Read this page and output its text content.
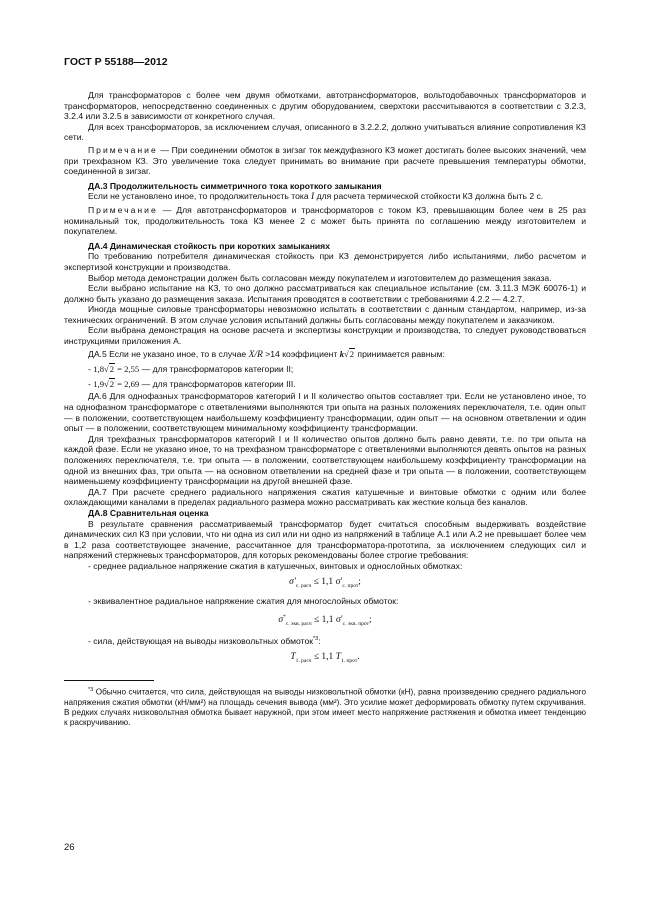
ГОСТ Р 55188—2012

Для трансформаторов с более чем двумя обмотками, автотрансформаторов, вольтодобавочных трансформаторов и трансформаторов, непосредственно соединенных с другим оборудованием, сверхтоки рассчитываются в соответствии с 3.2.3, 3.2.4 или 3.2.5 в зависимости от конкретного случая.

Для всех трансформаторов, за исключением случая, описанного в 3.2.2.2, должно учитываться влияние сопротивления КЗ сети.

Примечание — При соединении обмоток в зигзаг ток междуфазного КЗ может достигать более высоких значений, чем при трехфазном КЗ. Это увеличение тока следует принимать во внимание при расчете превышения температуры обмотки, соединенной в зигзаг.

ДА.3 Продолжительность симметричного тока короткого замыкания

Если не установлено иное, то продолжительность тока I для расчета термической стойкости КЗ должна быть 2 с.

Примечание — Для автотрансформаторов и трансформаторов с током КЗ, превышающим более чем в 25 раз номинальный ток, продолжительность тока КЗ менее 2 с может быть принята по соглашению между изготовителем и покупателем.

ДА.4 Динамическая стойкость при коротких замыканиях

По требованию потребителя динамическая стойкость при КЗ демонстрируется либо испытаниями, либо расчетом и экспертизой конструкции и производства.

Выбор метода демонстрации должен быть согласован между покупателем и изготовителем до размещения заказа.

Если выбрано испытание на КЗ, то оно должно рассматриваться как специальное испытание (см. 3.11.3 МЭК 60076-1) и должно быть указано до размещения заказа. Испытания проводятся в соответствии с требованиями 4.2.2 — 4.2.7.

Иногда мощные силовые трансформаторы невозможно испытать в соответствии с данным стандартом, например, из-за технических ограничений. В этом случае условия испытаний должны быть согласованы между покупателем и заказчиком.

Если выбрана демонстрация на основе расчета и экспертизы конструкции и производства, то следует руководствоваться инструкциями приложения А.

ДА.5 Если не указано иное, то в случае X/R >14 коэффициент k√2 принимается равным:

- 1,8√2 = 2,55 — для трансформаторов категории II;
- 1,9√2 = 2,69 — для трансформаторов категории III.

ДА.6 Для однофазных трансформаторов категорий I и II количество опытов составляет три. Если не установлено иное, то на однофазном трансформаторе с ответвлениями выполняются три опыта на разных положениях переключателя, т.е. один опыт — в положении, соответствующем наибольшему коэффициенту трансформации, один опыт — на основном ответвлении и один опыт — в положении, соответствующем минимальному коэффициенту трансформации.

Для трехфазных трансформаторов категорий I и II количество опытов должно быть равно девяти, т.е. по три опыта на каждой фазе. Если не указано иное, то на трехфазном трансформаторе с ответвлениями выполняются девять опытов на разных положениях переключателя, т.е. три опыта — в положении, соответствующем наибольшему коэффициенту трансформации на одной из внешних фаз, три опыта — на основном ответвлении на средней фазе и три опыта — в положении, соответствующем наименьшему коэффициенту трансформации на другой внешней фазе.

ДА.7 При расчете среднего радиального напряжения сжатия катушечные и винтовые обмотки с одним или более охлаждающими каналами в пределах радиального размера можно рассматривать как жесткие кольца без каналов.

ДА.8 Сравнительная оценка

В результате сравнения рассматриваемый трансформатор будет считаться способным выдерживать воздействие динамических сил КЗ при условии, что ни одна из сил или ни одно из напряжений в таблице А.1 или А.2 не превышает более чем в 1,2 раза соответствующее значение, рассчитанное для трансформатора-прототипа, за исключением следующих сил и напряжений стержневых трансформаторов, для которых рекомендованы более строгие требования:

- среднее радиальное напряжение сжатия в катушечных, винтовых и однослойных обмотках:

$\sigma'_{c. расч} \le 1,1$ $\sigma'_{c. прот}$;

- эквивалентное радиальное напряжение сжатия для многослойных обмоток:

$\sigma^*_{c. экв. расч} \le 1,1$ $\sigma'_{c. экв. прот}$;

- сила, действующая на выводы низковольтных обмоток$^{*3}$:

$T_{1. расч} \le 1,1$ $T_{1. прот}$.

$^{*3}$ Обычно считается, что сила, действующая на выводы низковольтной обмотки (кН), равна произведению среднего радиального напряжения сжатия обмотки (кН/мм²) на площадь сечения вывода (мм²). Это усилие может деформировать обмотку путем скручивания. В редких случаях низковольтная обмотка бывает наружной, при этом имеет место напряжение растяжения и обмотка имеет тенденцию к раскручиванию.

26
